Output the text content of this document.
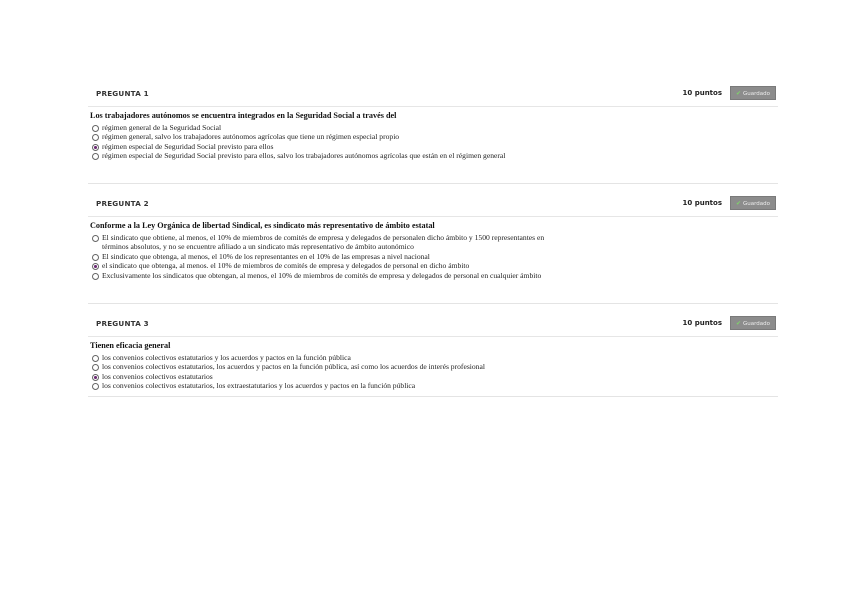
PREGUNTA 1	10 puntos	✔ Guardado
Los trabajadores autónomos se encuentra integrados en la Seguridad Social a través del
régimen general de la Seguridad Social
régimen general, salvo los trabajadores autónomos agrícolas que tiene un régimen especial propio
régimen especial de Seguridad Social previsto para ellos
régimen especial de Seguridad Social previsto para ellos, salvo los trabajadores autónomos agrícolas que están en el régimen general
PREGUNTA 2	10 puntos	✔ Guardado
Conforme a la Ley Orgánica de libertad Sindical, es sindicato más representativo de ámbito estatal
El sindicato que obtiene, al menos, el 10% de miembros de comités de empresa y delegados de personalen dicho ámbito y 1500 representantes en
términos absolutos, y no se encuentre afiliado a un sindicato más representativo de ámbito autonómico
El sindicato que obtenga, al menos, el 10% de los representantes en el 10% de las empresas a nivel nacional
el sindicato que obtenga, al menos. el 10% de miembros de comités de empresa y delegados de personal en dicho ámbito
Exclusivamente los sindicatos que obtengan, al menos, el 10% de miembros de comités de empresa y delegados de personal en cualquier ámbito
PREGUNTA 3	10 puntos	✔ Guardado
Tienen eficacia general
los convenios colectivos estatutarios y los acuerdos y pactos en la función pública
los convenios colectivos estatutarios, los acuerdos y pactos en la función pública, así como los acuerdos de interés profesional
los convenios colectivos estatutarios
los convenios colectivos estatutarios, los extraestatutarios y los acuerdos y pactos en la función pública
